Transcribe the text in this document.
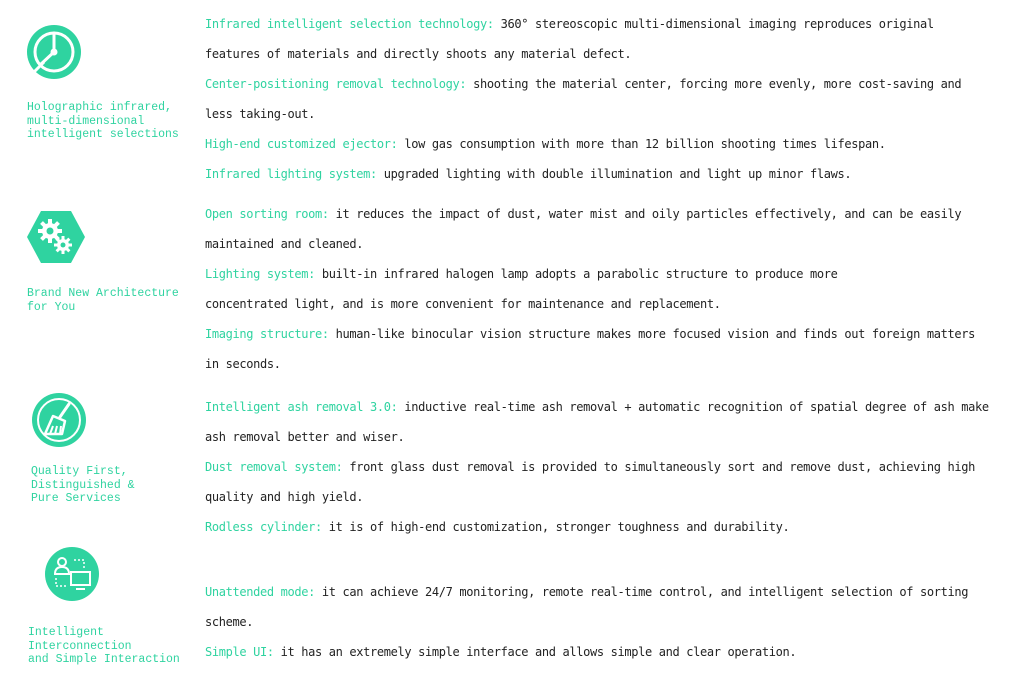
Holographic infrared,
multi-dimensional
intelligent selections
Infrared intelligent selection technology: 360° stereoscopic multi-dimensional imaging reproduces original
features of materials and directly shoots any material defect.
Center-positioning removal technology: shooting the material center, forcing more evenly, more cost-saving and
less taking-out.
High-end customized ejector: low gas consumption with more than 12 billion shooting times lifespan.
Infrared lighting system: upgraded lighting with double illumination and light up minor flaws.
Brand New Architecture
for You
Open sorting room: it reduces the impact of dust, water mist and oily particles effectively, and can be easily
maintained and cleaned.
Lighting system: built-in infrared halogen lamp adopts a parabolic structure to produce more
concentrated light, and is more convenient for maintenance and replacement.
Imaging structure: human-like binocular vision structure makes more focused vision and finds out foreign matters
in seconds.
Quality First,
Distinguished &
Pure Services
Intelligent ash removal 3.0: inductive real-time ash removal + automatic recognition of spatial degree of ash make
ash removal better and wiser.
Dust removal system: front glass dust removal is provided to simultaneously sort and remove dust, achieving high
quality and high yield.
Rodless cylinder: it is of high-end customization, stronger toughness and durability.
Intelligent
Interconnection
and Simple Interaction
Unattended mode: it can achieve 24/7 monitoring, remote real-time control, and intelligent selection of sorting
scheme.
Simple UI: it has an extremely simple interface and allows simple and clear operation.
